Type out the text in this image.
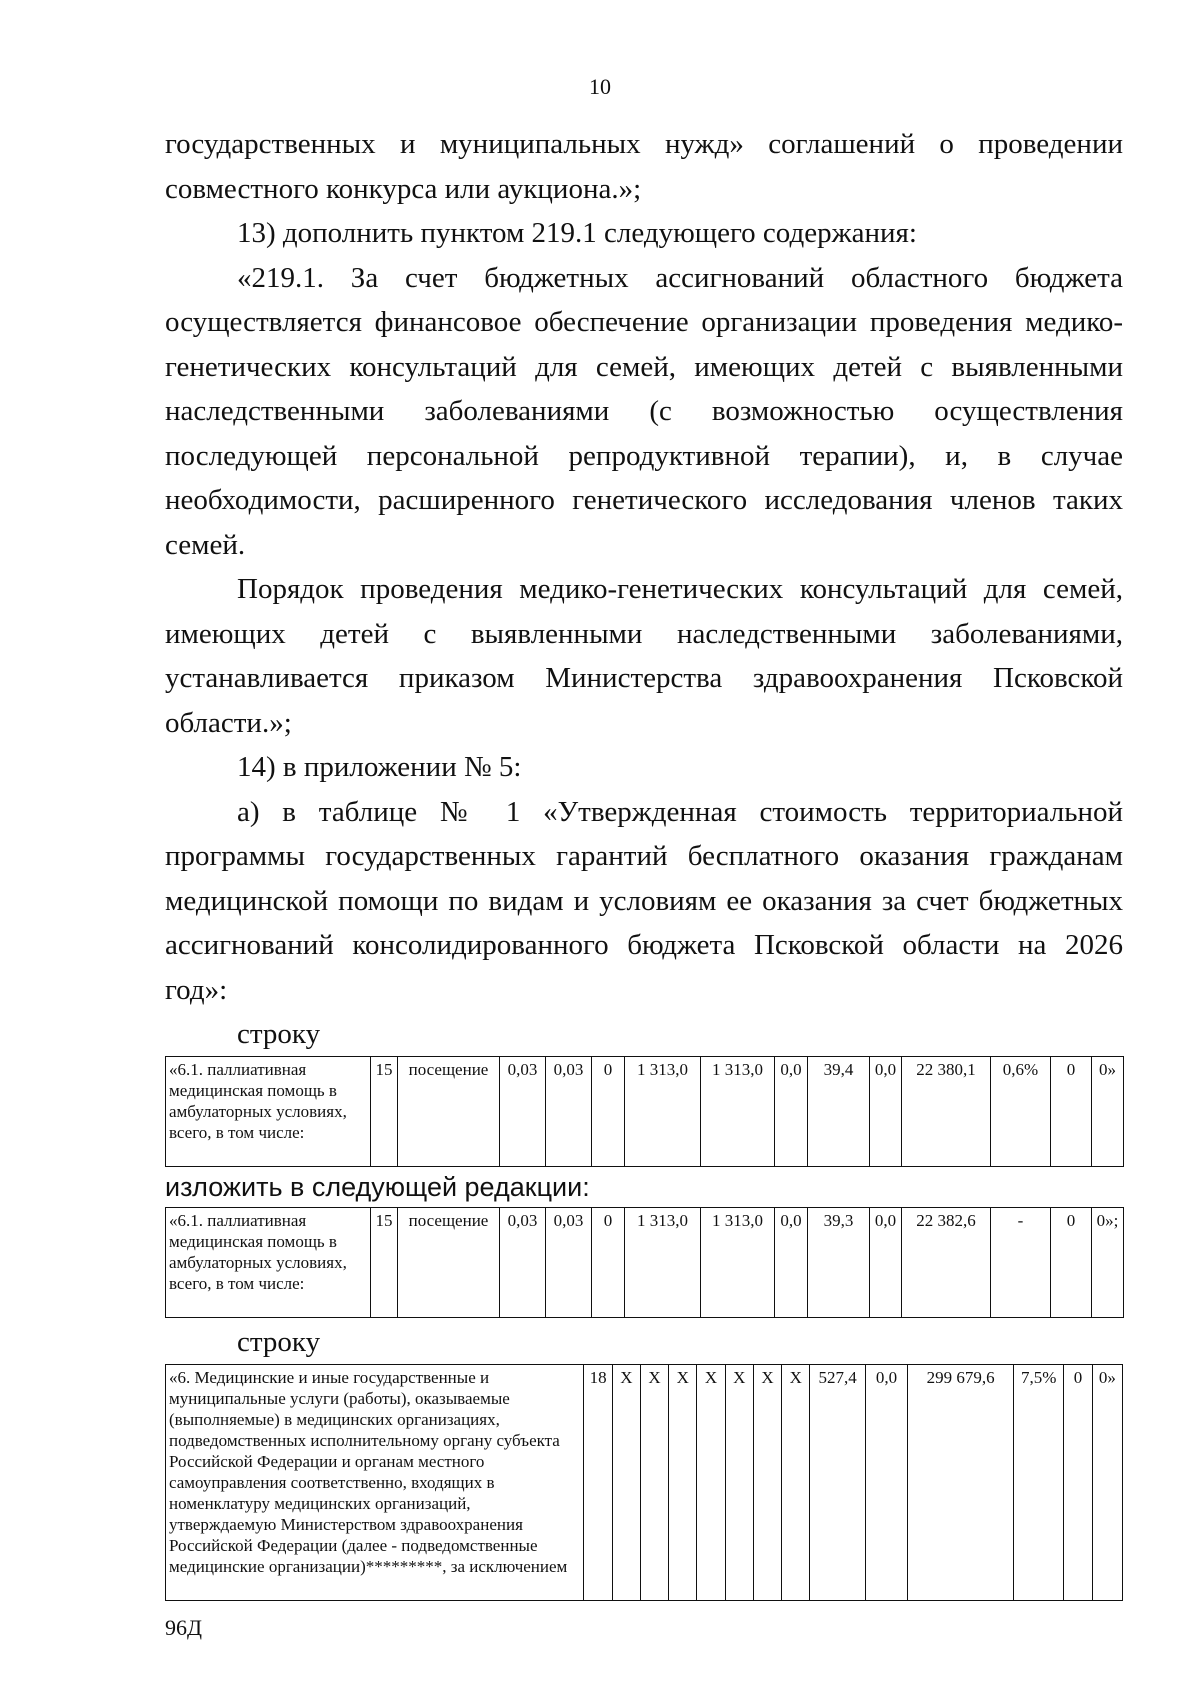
10

государственных и муниципальных нужд» соглашений о проведении совместного конкурса или аукциона.»;

13) дополнить пунктом 219.1 следующего содержания:

«219.1. За счет бюджетных ассигнований областного бюджета осуществляется финансовое обеспечение организации проведения медико-генетических консультаций для семей, имеющих детей с выявленными наследственными заболеваниями (с возможностью осуществления последующей персональной репродуктивной терапии), и, в случае необходимости, расширенного генетического исследования членов таких семей.

Порядок проведения медико-генетических консультаций для семей, имеющих детей с выявленными наследственными заболеваниями, устанавливается приказом Министерства здравоохранения Псковской области.»;

14) в приложении № 5:

а) в таблице № 1 «Утвержденная стоимость территориальной программы государственных гарантий бесплатного оказания гражданам медицинской помощи по видам и условиям ее оказания за счет бюджетных ассигнований консолидированного бюджета Псковской области на 2026 год»:

строку

«6.1. паллиативная медицинская помощь в амбулаторных условиях, всего, в том числе:	15	посещение	0,03	0,03	0	1 313,0	1 313,0	0,0	39,4	0,0	22 380,1	0,6%	0	0»

изложить в следующей редакции:

«6.1. паллиативная медицинская помощь в амбулаторных условиях, всего, в том числе:	15	посещение	0,03	0,03	0	1 313,0	1 313,0	0,0	39,3	0,0	22 382,6	-	0	0»;

строку

«6. Медицинские и иные государственные и муниципальные услуги (работы), оказываемые (выполняемые) в медицинских организациях, подведомственных исполнительному органу субъекта Российской Федерации и органам местного самоуправления соответственно, входящих в номенклатуру медицинских организаций, утверждаемую Министерством здравоохранения Российской Федерации (далее - подведомственные медицинские организации)*********, за исключением	18	X	X	X	X	X	X	X	527,4	0,0	299 679,6	7,5%	0	0»
96Д
